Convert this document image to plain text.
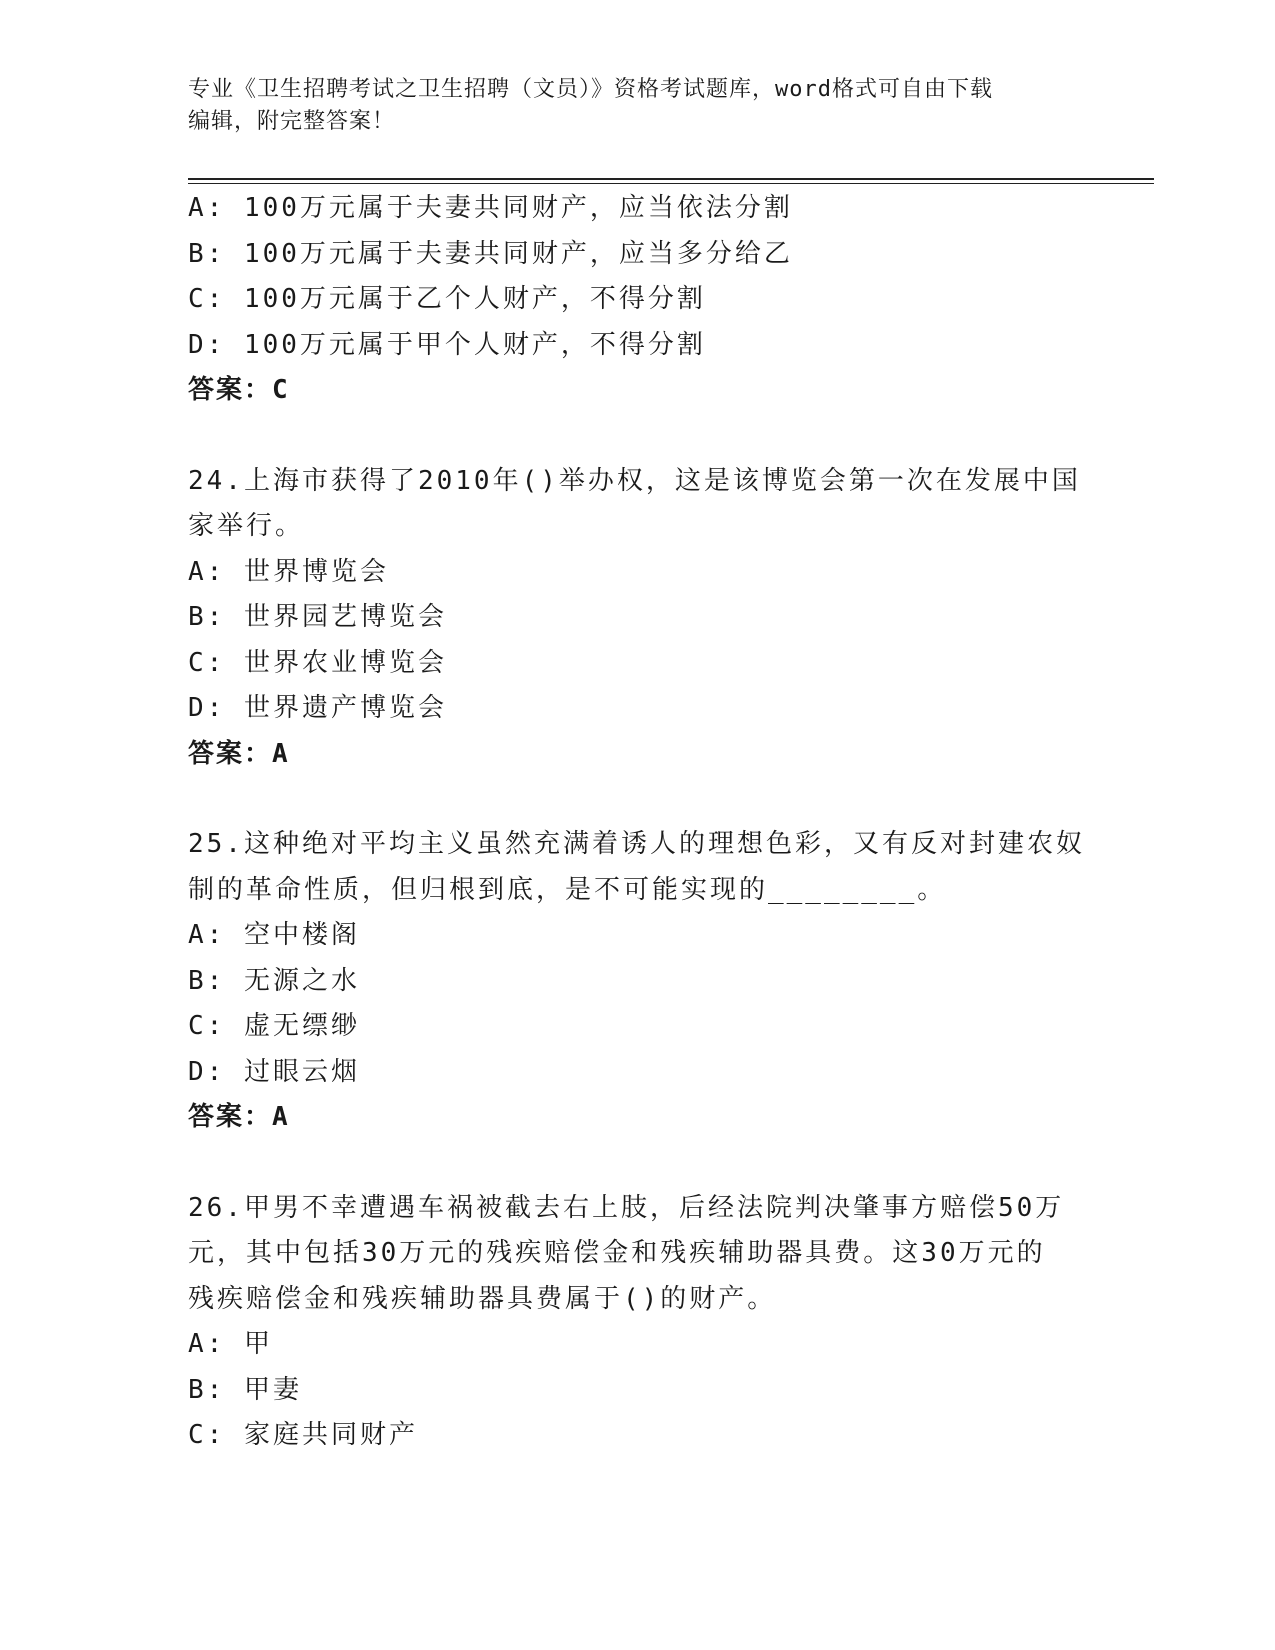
专业《卫生招聘考试之卫生招聘（文员）》资格考试题库，word格式可自由下载
编辑，附完整答案！
A: 100万元属于夫妻共同财产，应当依法分割
B: 100万元属于夫妻共同财产，应当多分给乙
C: 100万元属于乙个人财产，不得分割
D: 100万元属于甲个人财产，不得分割
答案：C
24.上海市获得了2010年()举办权，这是该博览会第一次在发展中国
家举行。
A: 世界博览会
B: 世界园艺博览会
C: 世界农业博览会
D: 世界遗产博览会
答案：A
25.这种绝对平均主义虽然充满着诱人的理想色彩，又有反对封建农奴
制的革命性质，但归根到底，是不可能实现的________。
A: 空中楼阁
B: 无源之水
C: 虚无缥缈
D: 过眼云烟
答案：A
26.甲男不幸遭遇车祸被截去右上肢，后经法院判决肇事方赔偿50万
元，其中包括30万元的残疾赔偿金和残疾辅助器具费。这30万元的
残疾赔偿金和残疾辅助器具费属于()的财产。
A: 甲
B: 甲妻
C: 家庭共同财产
